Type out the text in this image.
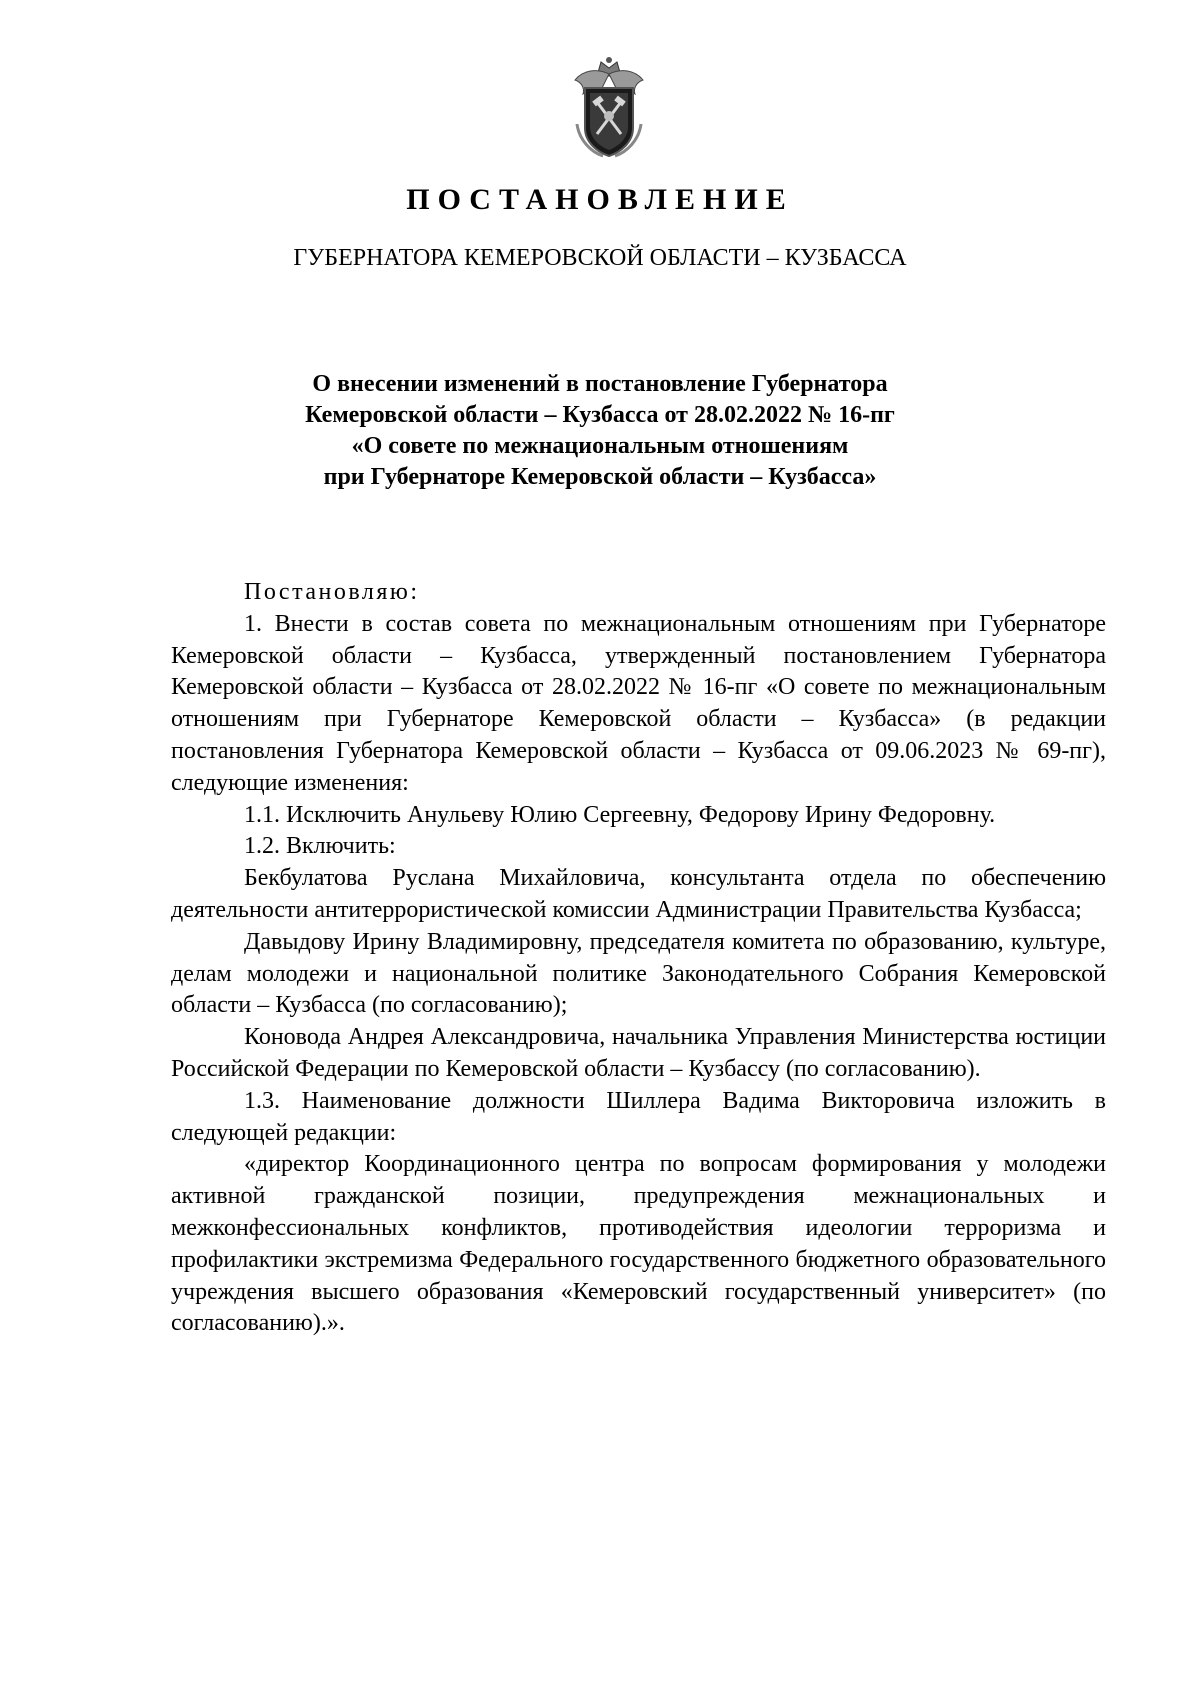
ПОСТАНОВЛЕНИЕ
ГУБЕРНАТОРА КЕМЕРОВСКОЙ ОБЛАСТИ – КУЗБАССА
О внесении изменений в постановление Губернатора
Кемеровской области – Кузбасса от 28.02.2022 № 16-пг
«О совете по межнациональным отношениям
при Губернаторе Кемеровской области – Кузбасса»
Постановляю:

1. Внести в состав совета по межнациональным отношениям при Губернаторе Кемеровской области – Кузбасса, утвержденный постановлением Губернатора Кемеровской области – Кузбасса от 28.02.2022 № 16-пг «О совете по межнациональным отношениям при Губернаторе Кемеровской области – Кузбасса» (в редакции постановления Губернатора Кемеровской области – Кузбасса от 09.06.2023 № 69-пг), следующие изменения:

1.1. Исключить Анульеву Юлию Сергеевну, Федорову Ирину Федоровну.

1.2. Включить:

Бекбулатова Руслана Михайловича, консультанта отдела по обеспечению деятельности антитеррористической комиссии Администрации Правительства Кузбасса;

Давыдову Ирину Владимировну, председателя комитета по образованию, культуре, делам молодежи и национальной политике Законодательного Собрания Кемеровской области – Кузбасса (по согласованию);

Коновода Андрея Александровича, начальника Управления Министерства юстиции Российской Федерации по Кемеровской области – Кузбассу (по согласованию).

1.3. Наименование должности Шиллера Вадима Викторовича изложить в следующей редакции:

«директор Координационного центра по вопросам формирования у молодежи активной гражданской позиции, предупреждения межнациональных и межконфессиональных конфликтов, противодействия идеологии терроризма и профилактики экстремизма Федерального государственного бюджетного образовательного учреждения высшего образования «Кемеровский государственный университет» (по согласованию).».
